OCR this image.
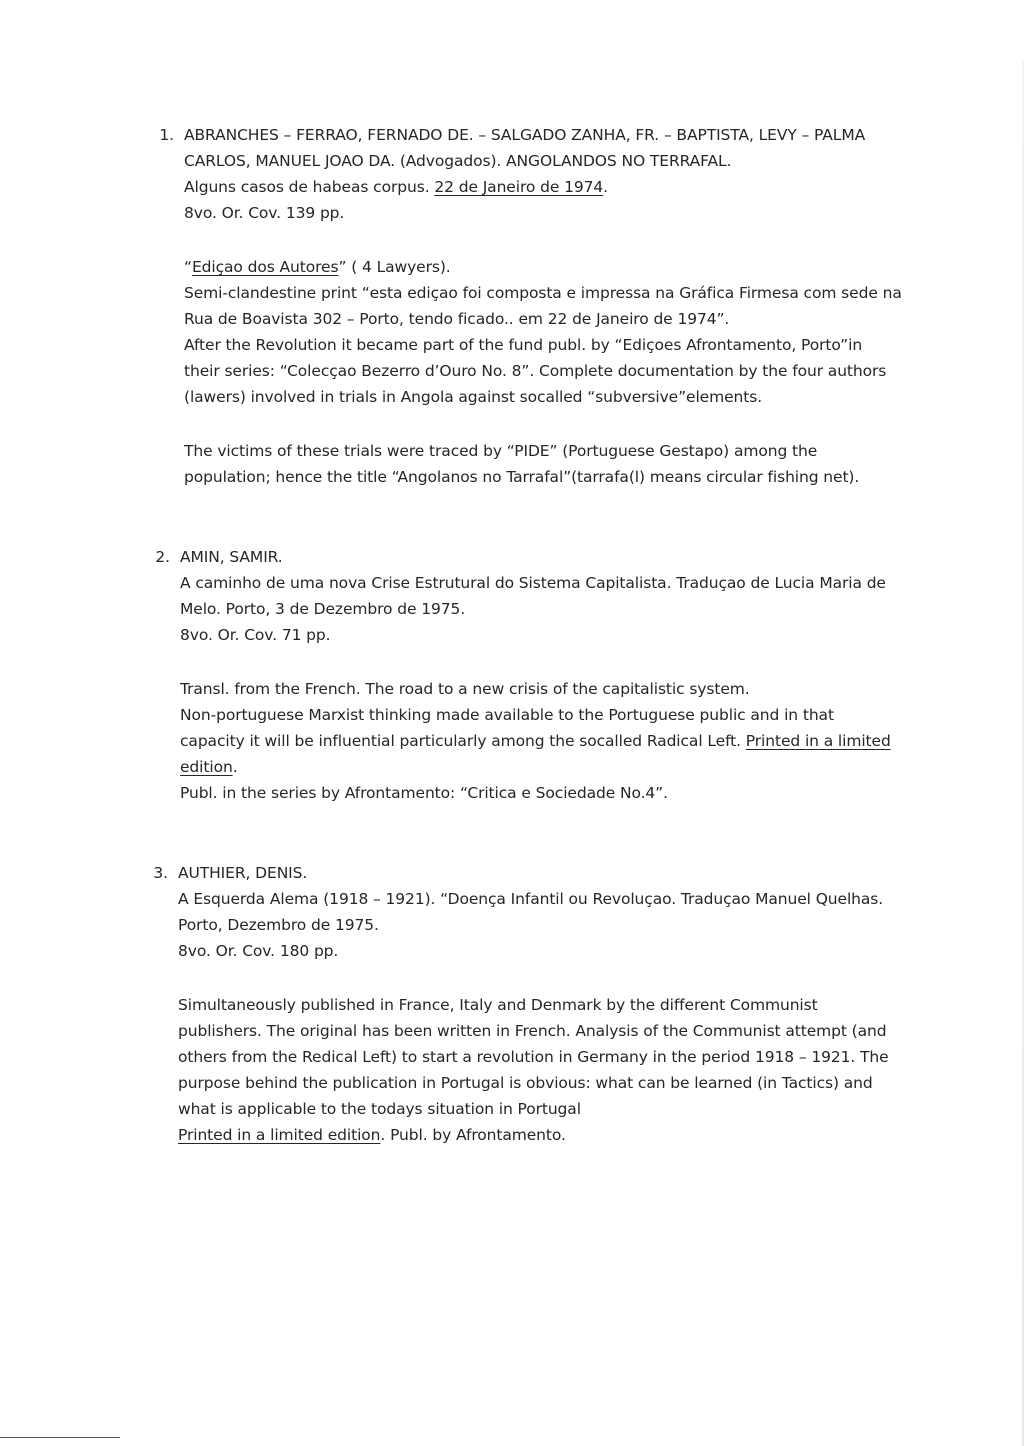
1. ABRANCHES – FERRAO, FERNADO DE. – SALGADO ZANHA, FR. – BAPTISTA, LEVY – PALMA
CARLOS, MANUEL JOAO DA. (Advogados). ANGOLANDOS NO TERRAFAL.
Alguns casos de habeas corpus. 22 de Janeiro de 1974.
8vo. Or. Cov. 139 pp.
“Ediçao dos Autores” ( 4 Lawyers).
Semi-clandestine print “esta ediçao foi composta e impressa na Gráfica Firmesa com sede na
Rua de Boavista 302 – Porto, tendo ficado.. em 22 de Janeiro de 1974”.
After the Revolution it became part of the fund publ. by “Ediçoes Afrontamento, Porto”in
their series: “Colecçao Bezerro d’Ouro No. 8”. Complete documentation by the four authors
(lawers) involved in trials in Angola against socalled “subversive”elements.
The victims of these trials were traced by “PIDE” (Portuguese Gestapo) among the
population; hence the title “Angolanos no Tarrafal”(tarrafa(l) means circular fishing net).
2. AMIN, SAMIR.
A caminho de uma nova Crise Estrutural do Sistema Capitalista. Traduçao de Lucia Maria de
Melo. Porto, 3 de Dezembro de 1975.
8vo. Or. Cov. 71 pp.
Transl. from the French. The road to a new crisis of the capitalistic system.
Non-portuguese Marxist thinking made available to the Portuguese public and in that
capacity it will be influential particularly among the socalled Radical Left. Printed in a limited
edition.
Publ. in the series by Afrontamento: “Critica e Sociedade No.4”.
3. AUTHIER, DENIS.
A Esquerda Alema (1918 – 1921). “Doença Infantil ou Revoluçao. Traduçao Manuel Quelhas.
Porto, Dezembro de 1975.
8vo. Or. Cov. 180 pp.
Simultaneously published in France, Italy and Denmark by the different Communist
publishers. The original has been written in French. Analysis of the Communist attempt (and
others from the Redical Left) to start a revolution in Germany in the period 1918 – 1921. The
purpose behind the publication in Portugal is obvious: what can be learned (in Tactics) and
what is applicable to the todays situation in Portugal
Printed in a limited edition. Publ. by Afrontamento.
